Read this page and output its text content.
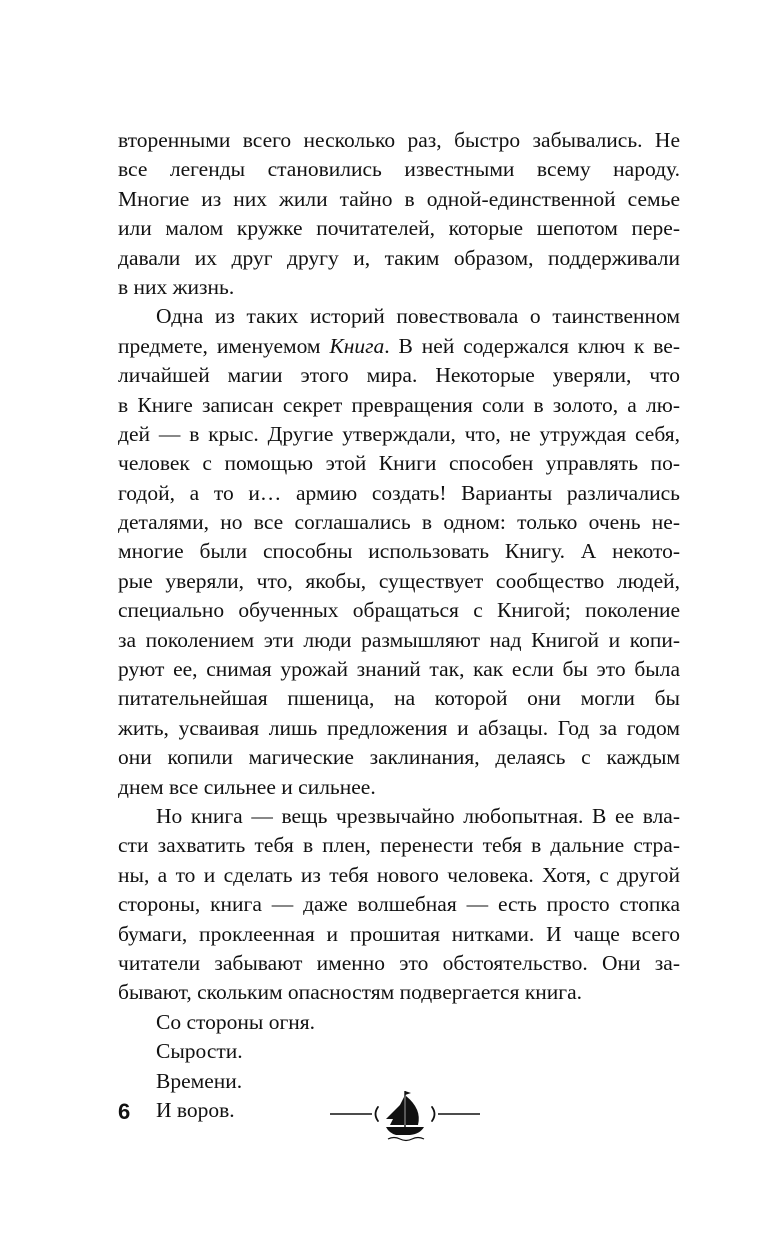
вторенными всего несколько раз, быстро забывались. Не
все легенды становились известными всему народу.
Многие из них жили тайно в одной-единственной семье
или малом кружке почитателей, которые шепотом пере-
давали их друг другу и, таким образом, поддерживали
в них жизнь.
Одна из таких историй повествовала о таинственном
предмете, именуемом Книга. В ней содержался ключ к ве-
личайшей магии этого мира. Некоторые уверяли, что
в Книге записан секрет превращения соли в золото, а лю-
дей — в крыс. Другие утверждали, что, не утруждая себя,
человек с помощью этой Книги способен управлять по-
годой, а то и… армию создать! Варианты различались
деталями, но все соглашались в одном: только очень не-
многие были способны использовать Книгу. А некото-
рые уверяли, что, якобы, существует сообщество людей,
специально обученных обращаться с Книгой; поколение
за поколением эти люди размышляют над Книгой и копи-
руют ее, снимая урожай знаний так, как если бы это была
питательнейшая пшеница, на которой они могли бы
жить, усваивая лишь предложения и абзацы. Год за годом
они копили магические заклинания, делаясь с каждым
днем все сильнее и сильнее.
Но книга — вещь чрезвычайно любопытная. В ее вла-
сти захватить тебя в плен, перенести тебя в дальние стра-
ны, а то и сделать из тебя нового человека. Хотя, с другой
стороны, книга — даже волшебная — есть просто стопка
бумаги, проклеенная и прошитая нитками. И чаще всего
читатели забывают именно это обстоятельство. Они за-
бывают, скольким опасностям подвергается книга.
Со стороны огня.
Сырости.
Времени.
И воров.
6
